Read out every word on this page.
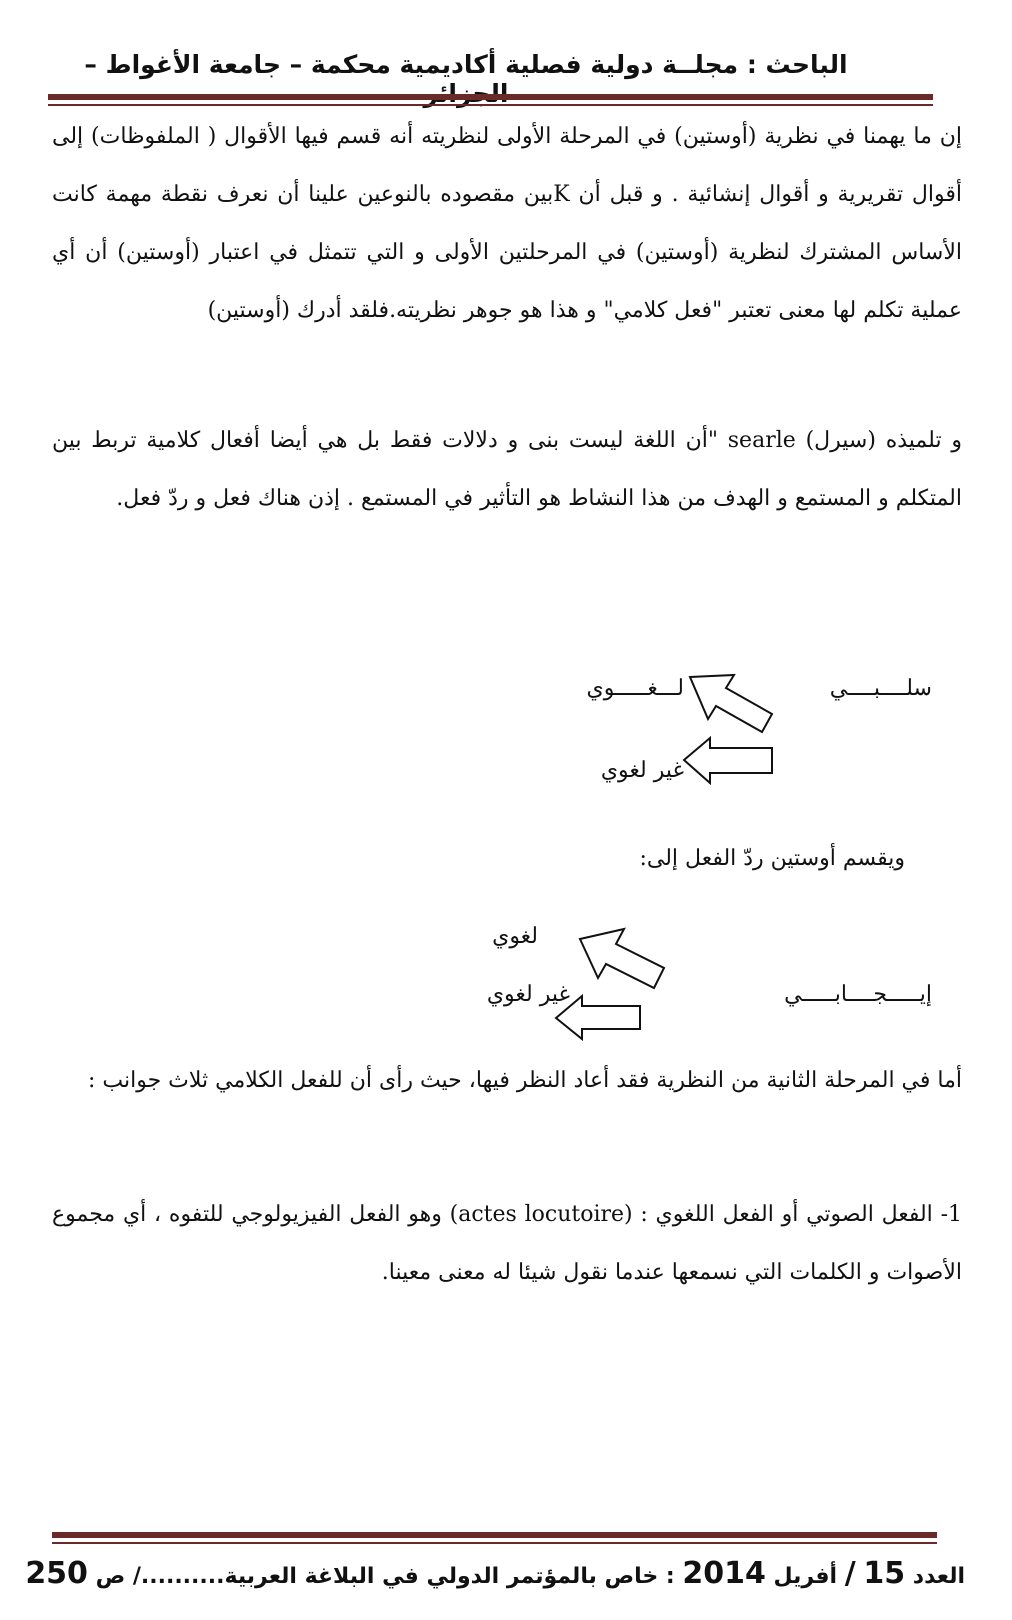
الباحث : مجلــة دولية فصلية أكاديمية محكمة – جامعة الأغواط –
إن ما يهمنا في نظرية (أوستين) في المرحلة الأولى لنظريته أنه قسم فيها الأقوال ( الملفوظات) إلى أقوال تقريرية و أقوال إنشائية . و قبل أن Kبين مقصوده بالنوعين علينا أن نعرف نقطة مهمة كانت الأساس المشترك لنظرية (أوستين) في المرحلتين الأولى و التي تتمثل في اعتبار (أوستين) أن أي عملية تكلم لها معنى تعتبر "فعل كلامي" و هذا هو جوهر نظريته.فلقد أدرك (أوستين)
و تلميذه (سيرل) searle "أن اللغة ليست بنى و دلالات فقط بل هي أيضا أفعال كلامية تربط بين المتكلم و المستمع و الهدف من هذا النشاط هو التأثير في المستمع . إذن هناك فعل و ردّ فعل.
سلــــبــــي
لـــغـــــوي
غير لغوي
ويقسم أوستين ردّ الفعل إلى:
لغوي
غير لغوي	إيـــــجــــابـــــي
أما في المرحلة الثانية من النظرية فقد أعاد النظر فيها، حيث رأى أن للفعل الكلامي ثلاث جوانب :
1- الفعل الصوتي أو الفعل اللغوي : (actes locutoire) وهو الفعل الفيزيولوجي للتفوه ، أي مجموع الأصوات و الكلمات التي نسمعها عندما نقول شيئا له معنى معينا.
العدد 15 / أفريل 2014 : خاص بالمؤتمر الدولي في البلاغة العربية........../ ص 250
